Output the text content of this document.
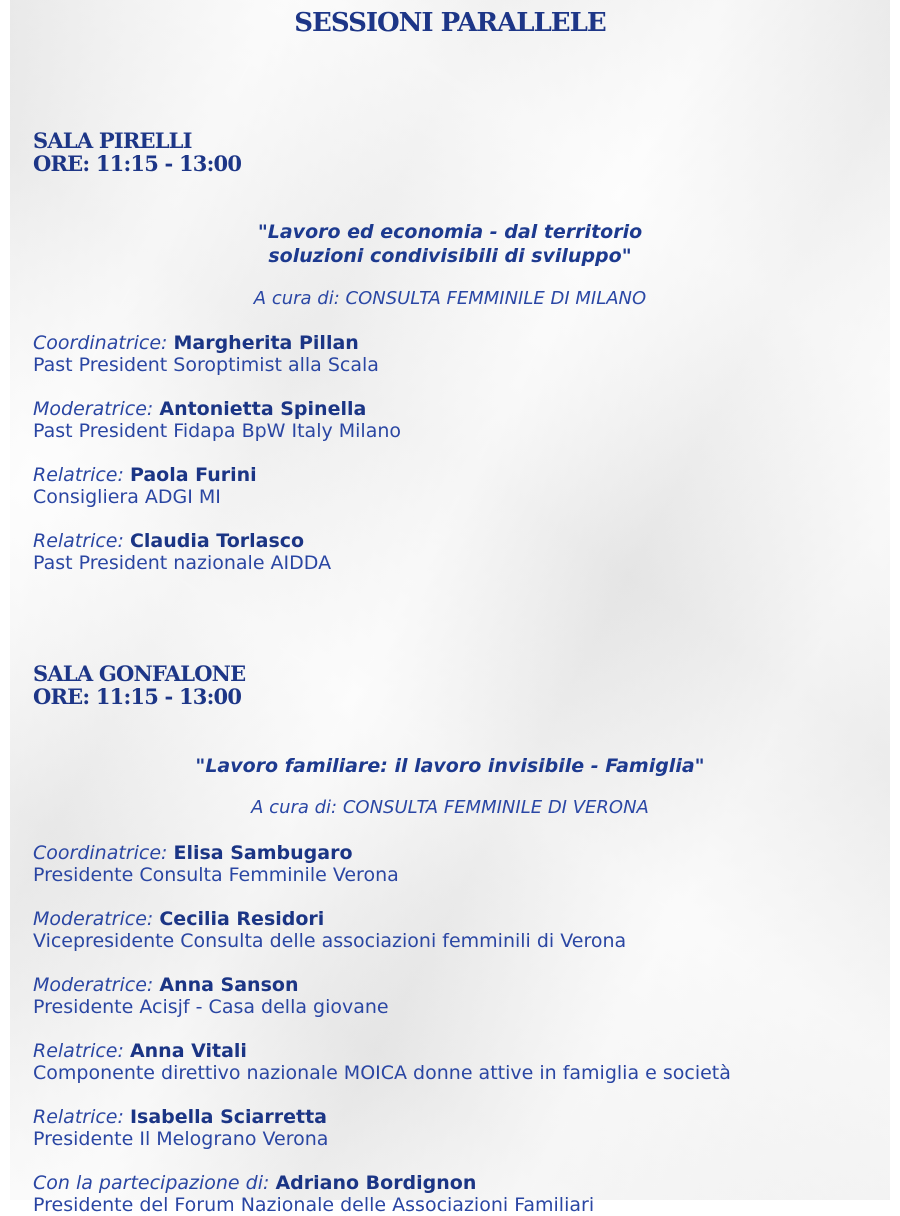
SESSIONI PARALLELE
SALA PIRELLI
ORE: 11:15 - 13:00
"Lavoro ed economia - dal territorio
soluzioni condivisibili di sviluppo"
A cura di: CONSULTA FEMMINILE DI MILANO
Coordinatrice: Margherita Pillan
Past President Soroptimist alla Scala
Moderatrice: Antonietta Spinella
Past President Fidapa BpW Italy Milano
Relatrice: Paola Furini
Consigliera ADGI MI
Relatrice: Claudia Torlasco
Past President nazionale AIDDA
SALA GONFALONE
ORE: 11:15 - 13:00
"Lavoro familiare: il lavoro invisibile - Famiglia"
A cura di: CONSULTA FEMMINILE DI VERONA
Coordinatrice: Elisa Sambugaro
Presidente Consulta Femminile Verona
Moderatrice: Cecilia Residori
Vicepresidente Consulta delle associazioni femminili di Verona
Moderatrice: Anna Sanson
Presidente Acisjf - Casa della giovane
Relatrice: Anna Vitali
Componente direttivo nazionale MOICA donne attive in famiglia e società
Relatrice: Isabella Sciarretta
Presidente Il Melograno Verona
Con la partecipazione di: Adriano Bordignon
Presidente del Forum Nazionale delle Associazioni Familiari
